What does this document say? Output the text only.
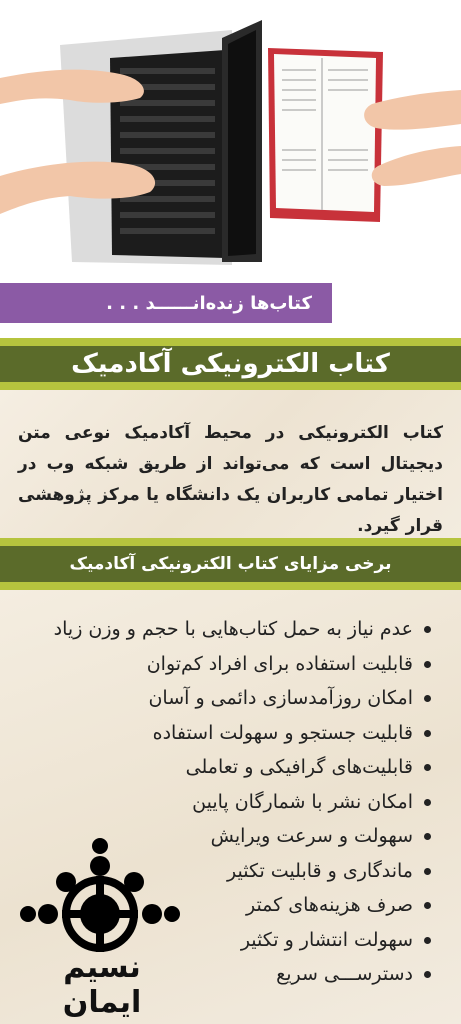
کتاب‌ها زنده‌انــــــد . . .
کتاب الکترونیکی آکادمیک
کتاب الکترونیکی در محیط آکادمیک نوعی متن دیجیتال است که می‌تواند از طریق شبکه وب در اختیار تمامی کاربران یک دانشگاه یا مرکز پژوهشی قرار گیرد.
برخی مزایای کتاب الکترونیکی آکادمیک
عدم نیاز به حمل کتاب‌هایی با حجم و وزن زیاد
قابلیت استفاده برای افراد کم‌توان
امکان روزآمدسازی دائمی و آسان
قابلیت جستجو و سهولت استفاده
قابلیت‌های گرافیکی و تعاملی
امکان نشر با شمارگان پایین
سهولت و سرعت ویرایش
ماندگاری و قابلیت تکثیر
صرف هزینه‌های کمتر
سهولت انتشار و تکثیر
دسترســـی سریع
نسیم ایمان
